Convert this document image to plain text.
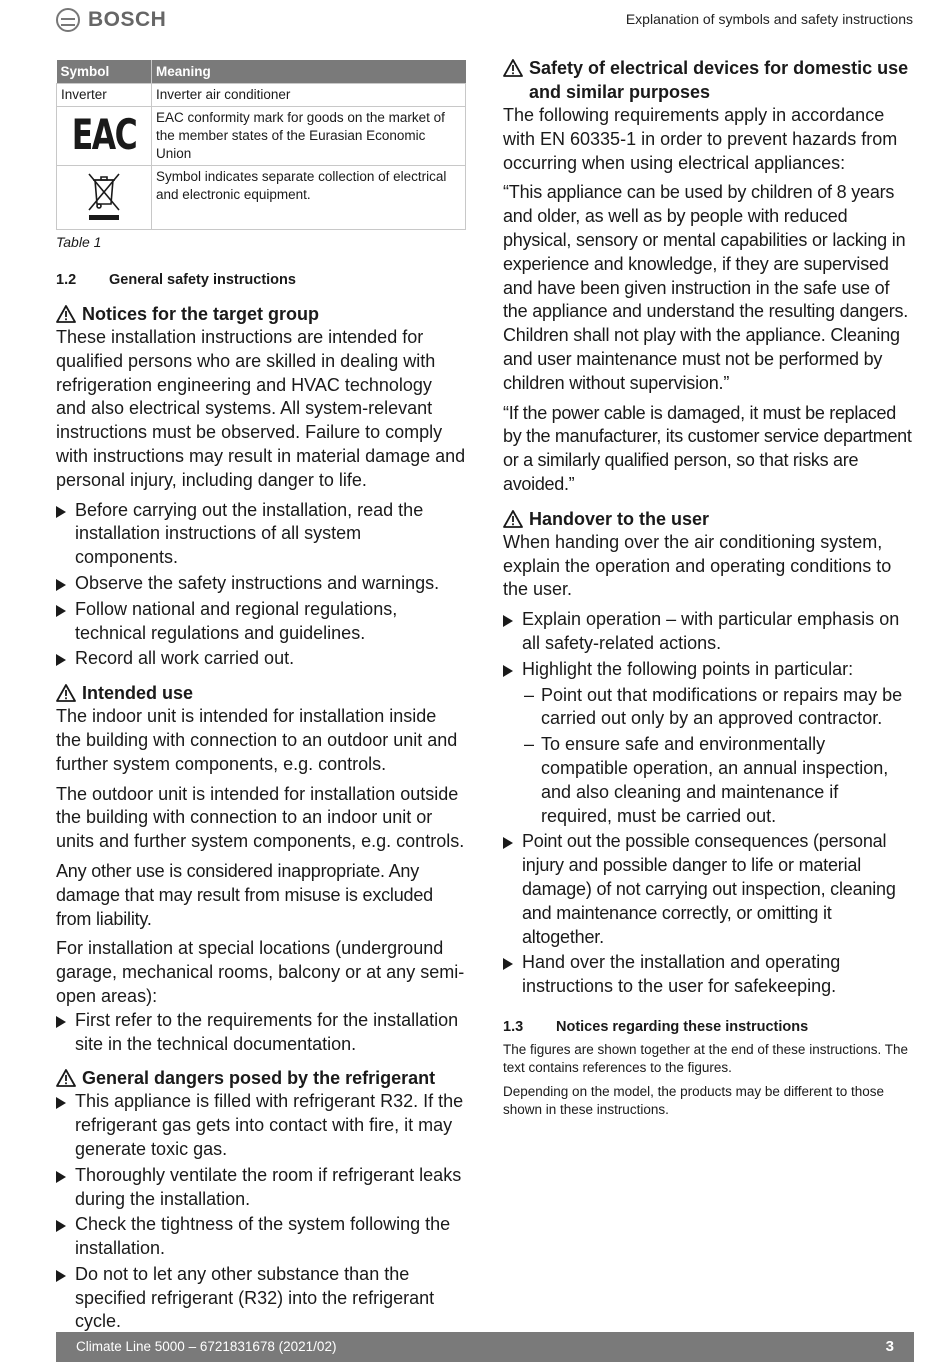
BOSCH	Explanation of symbols and safety instructions
Symbol	Meaning
Inverter	Inverter air conditioner

EAC	EAC conformity mark for goods on the market of the member states of the Eurasian Economic Union
	Symbol indicates separate collection of electrical and electronic equipment.
Table 1
1.2	General safety instructions
Notices for the target group

These installation instructions are intended for qualified persons who are skilled in dealing with refrigeration engineering and HVAC technology and also electrical systems. All system-relevant instructions must be observed. Failure to comply with instructions may result in material damage and personal injury, including danger to life.

Before carrying out the installation, read the installation instructions of all system components.
Observe the safety instructions and warnings.
Follow national and regional regulations, technical regulations and guidelines.
Record all work carried out.
Intended use

The indoor unit is intended for installation inside the building with connection to an outdoor unit and further system components, e.g. controls.

The outdoor unit is intended for installation outside the building with connection to an indoor unit or units and further system components, e.g. controls.

Any other use is considered inappropriate. Any damage that may result from misuse is excluded from liability.

For installation at special locations (underground garage, mechanical rooms, balcony or at any semi-open areas):

First refer to the requirements for the installation site in the technical documentation.
General dangers posed by the refrigerant
This appliance is filled with refrigerant R32. If the refrigerant gas gets into contact with fire, it may generate toxic gas.
Thoroughly ventilate the room if refrigerant leaks during the installation.
Check the tightness of the system following the installation.
Do not to let any other substance than the specified refrigerant (R32) into the refrigerant cycle.
Safety of electrical devices for domestic use and similar purposes

The following requirements apply in accordance with EN 60335-1 in order to prevent hazards from occurring when using electrical appliances:

“This appliance can be used by children of 8 years and older, as well as by people with reduced physical, sensory or mental capabilities or lacking in experience and knowledge, if they are supervised and have been given instruction in the safe use of the appliance and understand the resulting dangers. Children shall not play with the appliance. Cleaning and user maintenance must not be performed by children without supervision.”

“If the power cable is damaged, it must be replaced by the manufacturer, its customer service department or a similarly qualified person, so that risks are avoided.”

Handover to the user

When handing over the air conditioning system, explain the operation and operating conditions to the user.

Explain operation – with particular emphasis on all safety-related actions.
Highlight the following points in particular:
– Point out that modifications or repairs may be carried out only by an approved contractor.
– To ensure safe and environmentally compatible operation, an annual inspection, and also cleaning and maintenance if required, must be carried out.
Point out the possible consequences (personal injury and possible danger to life or material damage) of not carrying out inspection, cleaning and maintenance correctly, or omitting it altogether.
Hand over the installation and operating instructions to the user for safekeeping.
1.3	Notices regarding these instructions

The figures are shown together at the end of these instructions. The text contains references to the figures.

Depending on the model, the products may be different to those shown in these instructions.

Climate Line 5000 – 6721831678 (2021/02)	3
